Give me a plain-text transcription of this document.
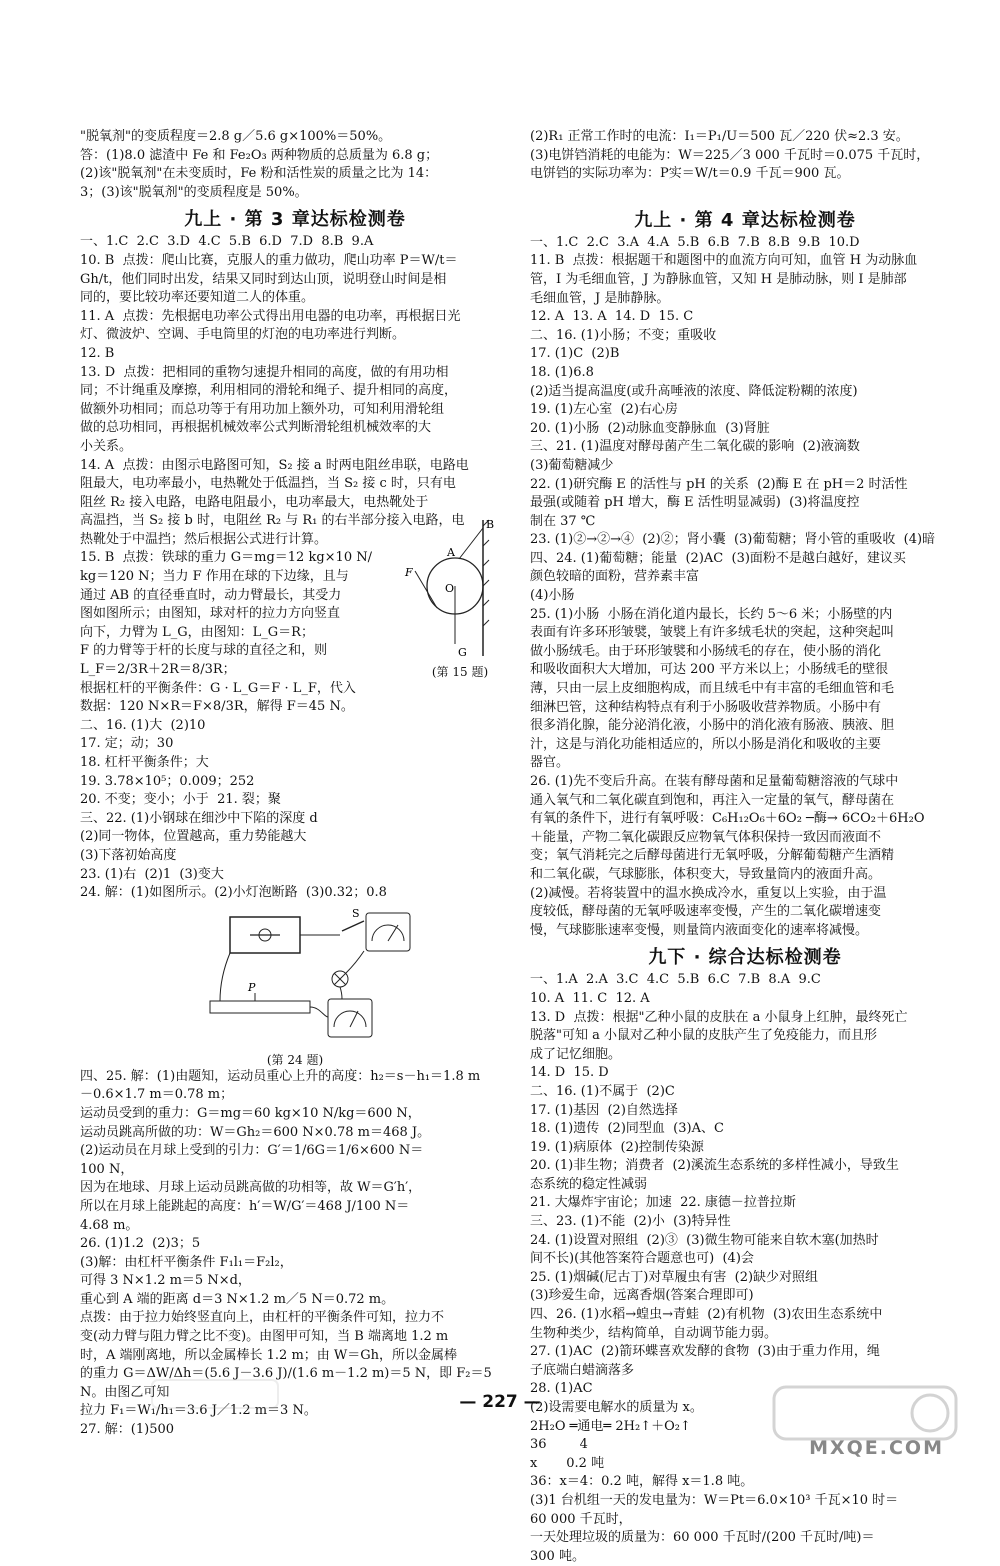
"脱氧剂"的变质程度＝2.8 g／5.6 g×100%＝50%。
答：(1)8.0 滤渣中 Fe 和 Fe₂O₃ 两种物质的总质量为 6.8 g；
(2)该"脱氧剂"在未变质时，Fe 粉和活性炭的质量之比为 14：
3；(3)该"脱氧剂"的变质程度是 50%。
九上 · 第 3 章达标检测卷
一、1.C  2.C  3.D  4.C  5.B  6.D  7.D  8.B  9.A
10. B  点拨：爬山比赛，克服人的重力做功，爬山功率 P＝W/t＝
Gh/t，他们同时出发，结果又同时到达山顶，说明登山时间是相
同的，要比较功率还要知道二人的体重。
11. A  点拨：先根据电功率公式得出用电器的电功率，再根据日光
灯、微波炉、空调、手电筒里的灯泡的电功率进行判断。
12. B
13. D  点拨：把相同的重物匀速提升相同的高度，做的有用功相
同；不计绳重及摩擦，利用相同的滑轮和绳子、提升相同的高度，
做额外功相同；而总功等于有用功加上额外功，可知利用滑轮组
做的总功相同，再根据机械效率公式判断滑轮组机械效率的大
小关系。
14. A  点拨：由图示电路图可知，S₂ 接 a 时两电阻丝串联，电路电
阻最大，电功率最小，电热靴处于低温挡，当 S₂ 接 c 时，只有电
阻丝 R₂ 接入电路，电路电阻最小，电功率最大，电热靴处于
高温挡，当 S₂ 接 b 时，电阻丝 R₂ 与 R₁ 的右半部分接入电路，电
热靴处于中温挡；然后根据公式进行计算。
15. B  点拨：铁球的重力 G＝mg＝12 kg×10 N/
kg＝120 N；当力 F 作用在球的下边缘，且与
通过 AB 的直径垂直时，动力臂最长，其受力
图如图所示；由图知，球对杆的拉力方向竖直
向下，力臂为 L_G，由图知：L_G＝R；
F 的力臂等于杆的长度与球的直径之和，则
L_F＝2/3R＋2R＝8/3R；
根据杠杆的平衡条件：G · L_G＝F · L_F，代入
数据：120 N×R＝F×8/3R，解得 F＝45 N。
二、16. (1)大  (2)10
17. 定；动；30
18. 杠杆平衡条件；大
19. 3.78×10⁵；0.009；252
20. 不变；变小；小于  21. 裂；聚
三、22. (1)小钢球在细沙中下陷的深度 d
(2)同一物体，位置越高，重力势能越大
(3)下落初始高度
23. (1)右  (2)1  (3)变大
24. 解：(1)如图所示。(2)小灯泡断路  (3)0.32；0.8
S
P
(第 24 题)
四、25. 解：(1)由题知，运动员重心上升的高度：h₂＝s－h₁＝1.8 m
－0.6×1.7 m＝0.78 m；
运动员受到的重力：G＝mg＝60 kg×10 N/kg＝600 N，
运动员跳高所做的功：W＝Gh₂＝600 N×0.78 m＝468 J。
(2)运动员在月球上受到的引力：G′＝1/6G＝1/6×600 N＝
100 N，
因为在地球、月球上运动员跳高做的功相等，故 W＝G′h′，
所以在月球上能跳起的高度：h′＝W/G′＝468 J/100 N＝
4.68 m。
26. (1)1.2  (2)3；5
(3)解：由杠杆平衡条件 F₁l₁＝F₂l₂，
可得 3 N×1.2 m＝5 N×d，
重心到 A 端的距离 d＝3 N×1.2 m／5 N＝0.72 m。
点拨：由于拉力始终竖直向上，由杠杆的平衡条件可知，拉力不
变(动力臂与阻力臂之比不变)。由图甲可知，当 B 端离地 1.2 m
时，A 端刚离地，所以金属棒长 1.2 m；由 W＝Gh，所以金属棒
的重力 G＝ΔW/Δh＝(5.6 J－3.6 J)/(1.6 m－1.2 m)＝5 N，即 F₂＝5 N。由图乙可知
拉力 F₁＝W₁/h₁＝3.6 J／1.2 m＝3 N。
27. 解：(1)500
B
A
O
G
F
(第 15 题)
(2)R₁ 正常工作时的电流：I₁＝P₁/U＝500 瓦／220 伏≈2.3 安。
(3)电饼铛消耗的电能为：W＝225／3 000 千瓦时＝0.075 千瓦时，
电饼铛的实际功率为：P实＝W/t＝0.9 千瓦＝900 瓦。
九上 · 第 4 章达标检测卷
一、1.C  2.C  3.A  4.A  5.B  6.B  7.B  8.B  9.B  10.D
11. B  点拨：根据题干和题图中的血流方向可知，血管 H 为动脉血
管，I 为毛细血管，J 为静脉血管，又知 H 是肺动脉，则 I 是肺部
毛细血管，J 是肺静脉。
12. A  13. A  14. D  15. C
二、16. (1)小肠；不变；重吸收
17. (1)C  (2)B
18. (1)6.8
(2)适当提高温度(或升高唾液的浓度、降低淀粉糊的浓度)
19. (1)左心室  (2)右心房
20. (1)小肠  (2)动脉血变静脉血  (3)肾脏
三、21. (1)温度对酵母菌产生二氧化碳的影响  (2)液滴数
(3)葡萄糖减少
22. (1)研究酶 E 的活性与 pH 的关系  (2)酶 E 在 pH＝2 时活性
最强(或随着 pH 增大，酶 E 活性明显减弱)  (3)将温度控
制在 37 ℃
23. (1)②→②→④  (2)②；肾小囊  (3)葡萄糖；肾小管的重吸收  (4)暗
四、24. (1)葡萄糖；能量  (2)AC  (3)面粉不是越白越好，建议买
颜色较暗的面粉，营养素丰富
(4)小肠
25. (1)小肠  小肠在消化道内最长，长约 5～6 米；小肠壁的内
表面有许多环形皱襞，皱襞上有许多绒毛状的突起，这种突起叫
做小肠绒毛。由于环形皱襞和小肠绒毛的存在，使小肠的消化
和吸收面积大大增加，可达 200 平方米以上；小肠绒毛的壁很
薄，只由一层上皮细胞构成，而且绒毛中有丰富的毛细血管和毛
细淋巴管，这种结构特点有利于小肠吸收营养物质。小肠中有
很多消化腺，能分泌消化液，小肠中的消化液有肠液、胰液、胆
汁，这是与消化功能相适应的，所以小肠是消化和吸收的主要
器官。
26. (1)先不变后升高。在装有酵母菌和足量葡萄糖溶液的气球中
通入氧气和二氧化碳直到饱和，再注入一定量的氧气，酵母菌在
有氧的条件下，进行有氧呼吸：C₆H₁₂O₆＋6O₂ ─酶→ 6CO₂＋6H₂O
＋能量，产物二氧化碳跟反应物氧气体积保持一致因而液面不
变；氧气消耗完之后酵母菌进行无氧呼吸，分解葡萄糖产生酒精
和二氧化碳，气球膨胀，体积变大，导致量筒内的液面升高。
(2)减慢。若将装置中的温水换成冷水，重复以上实验，由于温
度较低，酵母菌的无氧呼吸速率变慢，产生的二氧化碳增速变
慢，气球膨胀速率变慢，则量筒内液面变化的速率将减慢。
九下 · 综合达标检测卷
一、1.A  2.A  3.C  4.C  5.B  6.C  7.B  8.A  9.C
10. A  11. C  12. A
13. D  点拨：根据"乙种小鼠的皮肤在 a 小鼠身上红肿，最终死亡
脱落"可知 a 小鼠对乙种小鼠的皮肤产生了免疫能力，而且形
成了记忆细胞。
14. D  15. D
二、16. (1)不属于  (2)C
17. (1)基因  (2)自然选择
18. (1)遗传  (2)同型血  (3)A、C
19. (1)病原体  (2)控制传染源
20. (1)非生物；消费者  (2)溪流生态系统的多样性减小，导致生
态系统的稳定性减弱
21. 大爆炸宇宙论；加速  22. 康德－拉普拉斯
三、23. (1)不能  (2)小  (3)特异性
24. (1)设置对照组  (2)③  (3)微生物可能来自软木塞(加热时
间不长)(其他答案符合题意也可)  (4)会
25. (1)烟碱(尼古丁)对草履虫有害  (2)缺少对照组
(3)珍爱生命，远离香烟(答案合理即可)
四、26. (1)水稻→蝗虫→青蛙  (2)有机物  (3)农田生态系统中
生物种类少，结构简单，自动调节能力弱。
27. (1)AC  (2)箭环蝶喜欢发酵的食物  (3)由于重力作用，绳
子底端白蜡滴落多
28. (1)AC
(2)设需要电解水的质量为 x。
2H₂O ═通电═ 2H₂↑＋O₂↑
36        4
x       0.2 吨
36：x＝4：0.2 吨，解得 x＝1.8 吨。
(3)1 台机组一天的发电量为：W＝Pt＝6.0×10³ 千瓦×10 时＝
60 000 千瓦时，
一天处理垃圾的质量为：60 000 千瓦时/(200 千瓦时/吨)＝
300 吨。
— 227 —
MXQE.COM
